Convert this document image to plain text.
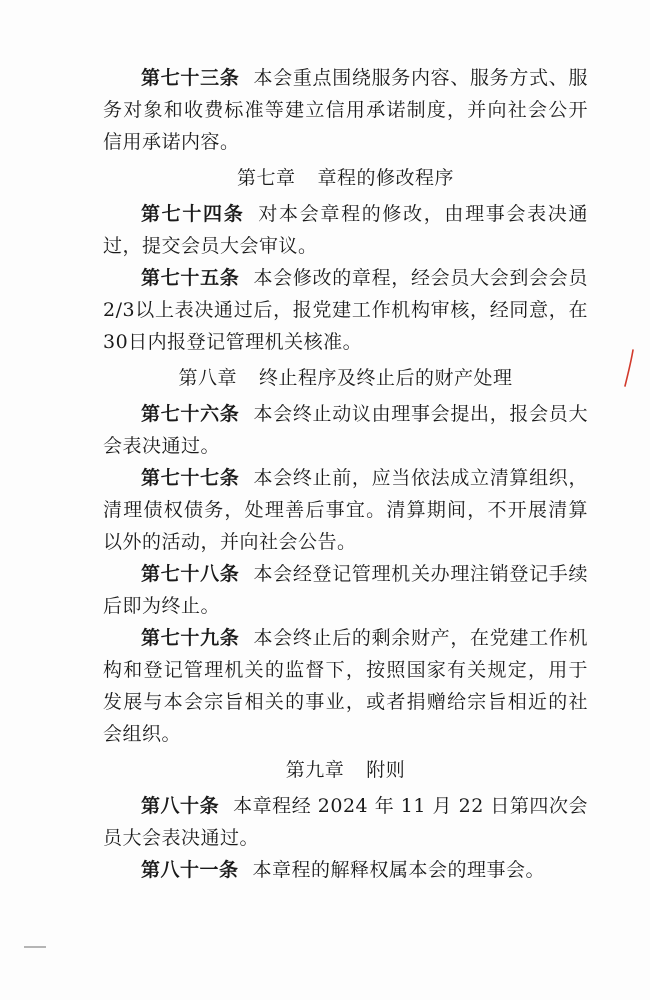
第七十三条 本会重点围绕服务内容、服务方式、服务对象和收费标准等建立信用承诺制度，并向社会公开信用承诺内容。

第七章 章程的修改程序

第七十四条 对本会章程的修改，由理事会表决通过，提交会员大会审议。

第七十五条 本会修改的章程，经会员大会到会会员2/3以上表决通过后，报党建工作机构审核，经同意，在30日内报登记管理机关核准。

第八章 终止程序及终止后的财产处理

第七十六条 本会终止动议由理事会提出，报会员大会表决通过。

第七十七条 本会终止前，应当依法成立清算组织，清理债权债务，处理善后事宜。清算期间，不开展清算以外的活动，并向社会公告。

第七十八条 本会经登记管理机关办理注销登记手续后即为终止。

第七十九条 本会终止后的剩余财产，在党建工作机构和登记管理机关的监督下，按照国家有关规定，用于发展与本会宗旨相关的事业，或者捐赠给宗旨相近的社会组织。

第九章 附则

第八十条 本章程经 2024 年 11 月 22 日第四次会员大会表决通过。

第八十一条 本章程的解释权属本会的理事会。
